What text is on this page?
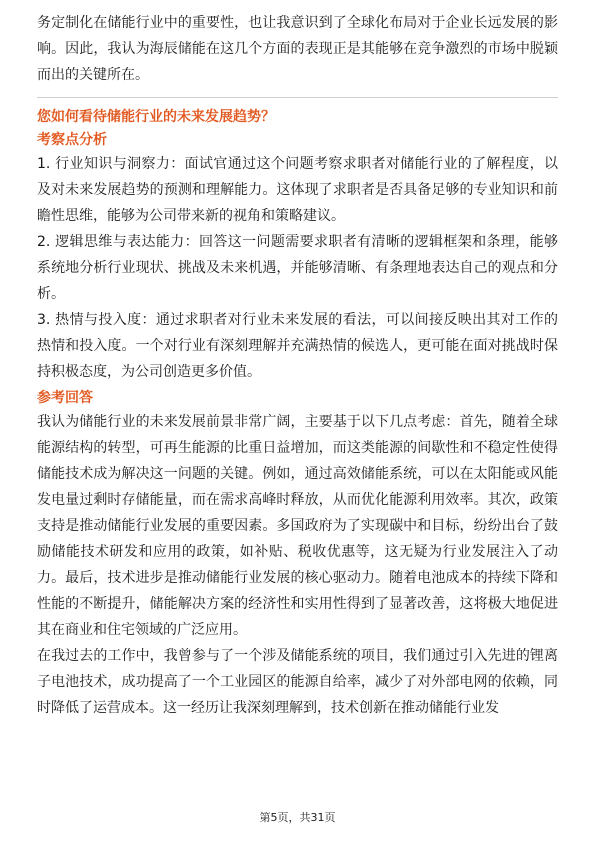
务定制化在储能行业中的重要性，也让我意识到了全球化布局对于企业长远发展的影响。因此，我认为海辰储能在这几个方面的表现正是其能够在竞争激烈的市场中脱颖而出的关键所在。

您如何看待储能行业的未来发展趋势？
考察点分析

1. 行业知识与洞察力：面试官通过这个问题考察求职者对储能行业的了解程度，以及对未来发展趋势的预测和理解能力。这体现了求职者是否具备足够的专业知识和前瞻性思维，能够为公司带来新的视角和策略建议。

2. 逻辑思维与表达能力：回答这一问题需要求职者有清晰的逻辑框架和条理，能够系统地分析行业现状、挑战及未来机遇，并能够清晰、有条理地表达自己的观点和分析。

3. 热情与投入度：通过求职者对行业未来发展的看法，可以间接反映出其对工作的热情和投入度。一个对行业有深刻理解并充满热情的候选人，更可能在面对挑战时保持积极态度，为公司创造更多价值。

参考回答

我认为储能行业的未来发展前景非常广阔，主要基于以下几点考虑：首先，随着全球能源结构的转型，可再生能源的比重日益增加，而这类能源的间歇性和不稳定性使得储能技术成为解决这一问题的关键。例如，通过高效储能系统，可以在太阳能或风能发电量过剩时存储能量，而在需求高峰时释放，从而优化能源利用效率。其次，政策支持是推动储能行业发展的重要因素。多国政府为了实现碳中和目标，纷纷出台了鼓励储能技术研发和应用的政策，如补贴、税收优惠等，这无疑为行业发展注入了动力。最后，技术进步是推动储能行业发展的核心驱动力。随着电池成本的持续下降和性能的不断提升，储能解决方案的经济性和实用性得到了显著改善，这将极大地促进其在商业和住宅领域的广泛应用。

在我过去的工作中，我曾参与了一个涉及储能系统的项目，我们通过引入先进的锂离子电池技术，成功提高了一个工业园区的能源自给率，减少了对外部电网的依赖，同时降低了运营成本。这一经历让我深刻理解到，技术创新在推动储能行业发

第5页，共31页
